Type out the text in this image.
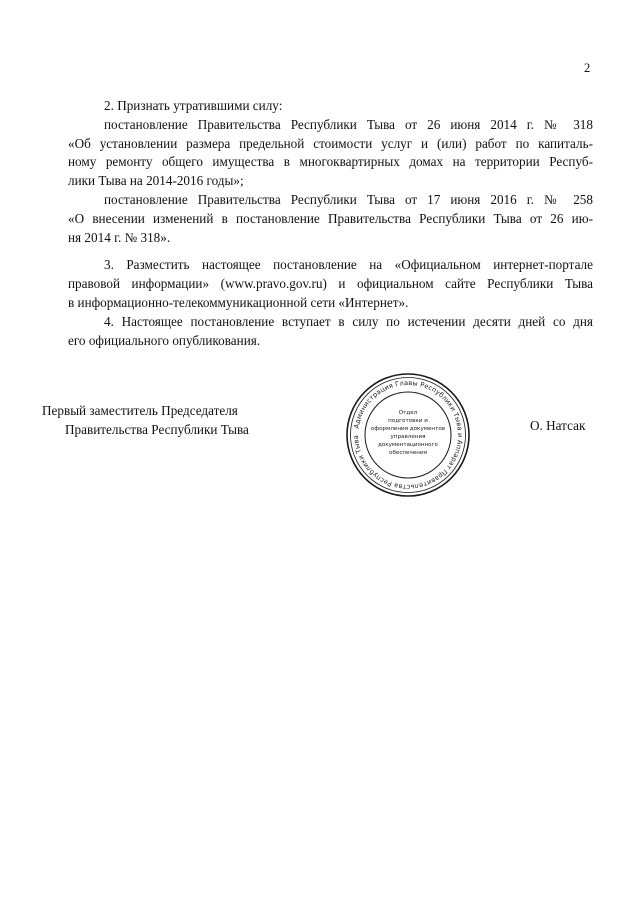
2
2. Признать утратившими силу:
постановление Правительства Республики Тыва от 26 июня 2014 г. № 318
«Об установлении размера предельной стоимости услуг и (или) работ по капиталь-
ному ремонту общего имущества в многоквартирных домах на территории Респуб-
лики Тыва на 2014-2016 годы»;
постановление Правительства Республики Тыва от 17 июня 2016 г. № 258
«О внесении изменений в постановление Правительства Республики Тыва от 26 ию-
ня 2014 г. № 318».
3. Разместить настоящее постановление на «Официальном интернет-портале
правовой информации» (www.pravo.gov.ru) и официальном сайте Республики Тыва
в информационно-телекоммуникационной сети «Интернет».
4. Настоящее постановление вступает в силу по истечении десяти дней со дня
его официального опубликования.
Первый заместитель Председателя
Правительства Республики Тыва	О. Натсак
Администрация Главы Республики Тыва и Аппарат Правительства Республики Тыва
Отдел
подготовки и
оформления документов
управления
документационного
обеспечения
